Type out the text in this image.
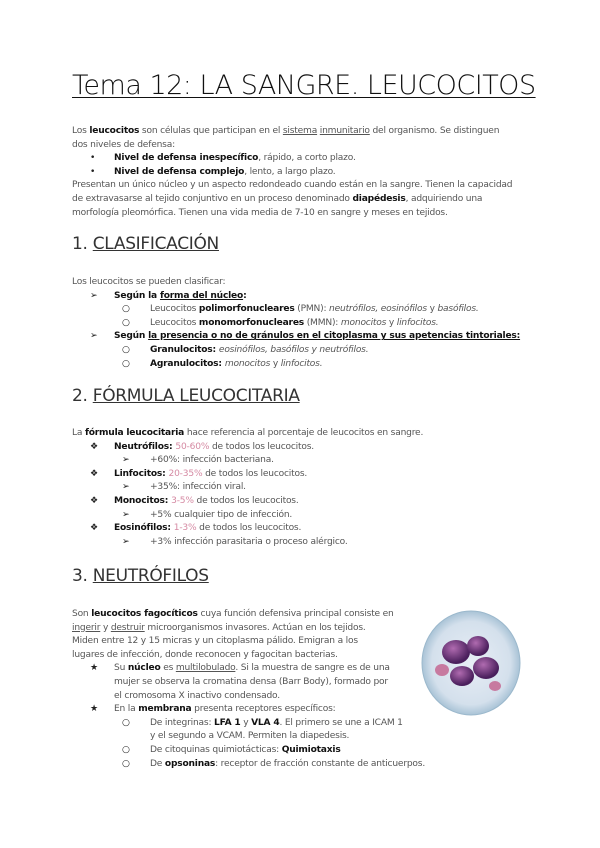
Tema 12: LA SANGRE. LEUCOCITOS
Los leucocitos son células que participan en el sistema inmunitario del organismo. Se distinguen
dos niveles de defensa:
• Nivel de defensa inespecífico, rápido, a corto plazo.
• Nivel de defensa complejo, lento, a largo plazo.
Presentan un único núcleo y un aspecto redondeado cuando están en la sangre. Tienen la capacidad
de extravasarse al tejido conjuntivo en un proceso denominado diapédesis, adquiriendo una
morfología pleomórfica. Tienen una vida media de 7-10 en sangre y meses en tejidos.
1. CLASIFICACIÓN
Los leucocitos se pueden clasificar:
➢ Según la forma del núcleo:
○ Leucocitos polimorfonucleares (PMN): neutrófilos, eosinófilos y basófilos.
○ Leucocitos monomorfonucleares (MMN): monocitos y linfocitos.
➢ Según la presencia o no de gránulos en el citoplasma y sus apetencias tintoriales:
○ Granulocitos: eosinófilos, basófilos y neutrófilos.
○ Agranulocitos: monocitos y linfocitos.
2. FÓRMULA LEUCOCITARIA
La fórmula leucocitaria hace referencia al porcentaje de leucocitos en sangre.
❖ Neutrófilos: 50-60% de todos los leucocitos.
➢ +60%: infección bacteriana.
❖ Linfocitos: 20-35% de todos los leucocitos.
➢ +35%: infección viral.
❖ Monocitos: 3-5% de todos los leucocitos.
➢ +5% cualquier tipo de infección.
❖ Eosinófilos: 1-3% de todos los leucocitos.
➢ +3% infección parasitaria o proceso alérgico.
3. NEUTRÓFILOS
Son leucocitos fagocíticos cuya función defensiva principal consiste en
ingerir y destruir microorganismos invasores. Actúan en los tejidos.
Miden entre 12 y 15 micras y un citoplasma pálido. Emigran a los
lugares de infección, donde reconocen y fagocitan bacterias.
★ Su núcleo es multilobulado. Si la muestra de sangre es de una
mujer se observa la cromatina densa (Barr Body), formado por
el cromosoma X inactivo condensado.
★ En la membrana presenta receptores específicos:
○ De integrinas: LFA 1 y VLA 4. El primero se une a ICAM 1
y el segundo a VCAM. Permiten la diapedesis.
○ De citoquinas quimiotácticas: Quimiotaxis
○ De opsoninas: receptor de fracción constante de anticuerpos.
